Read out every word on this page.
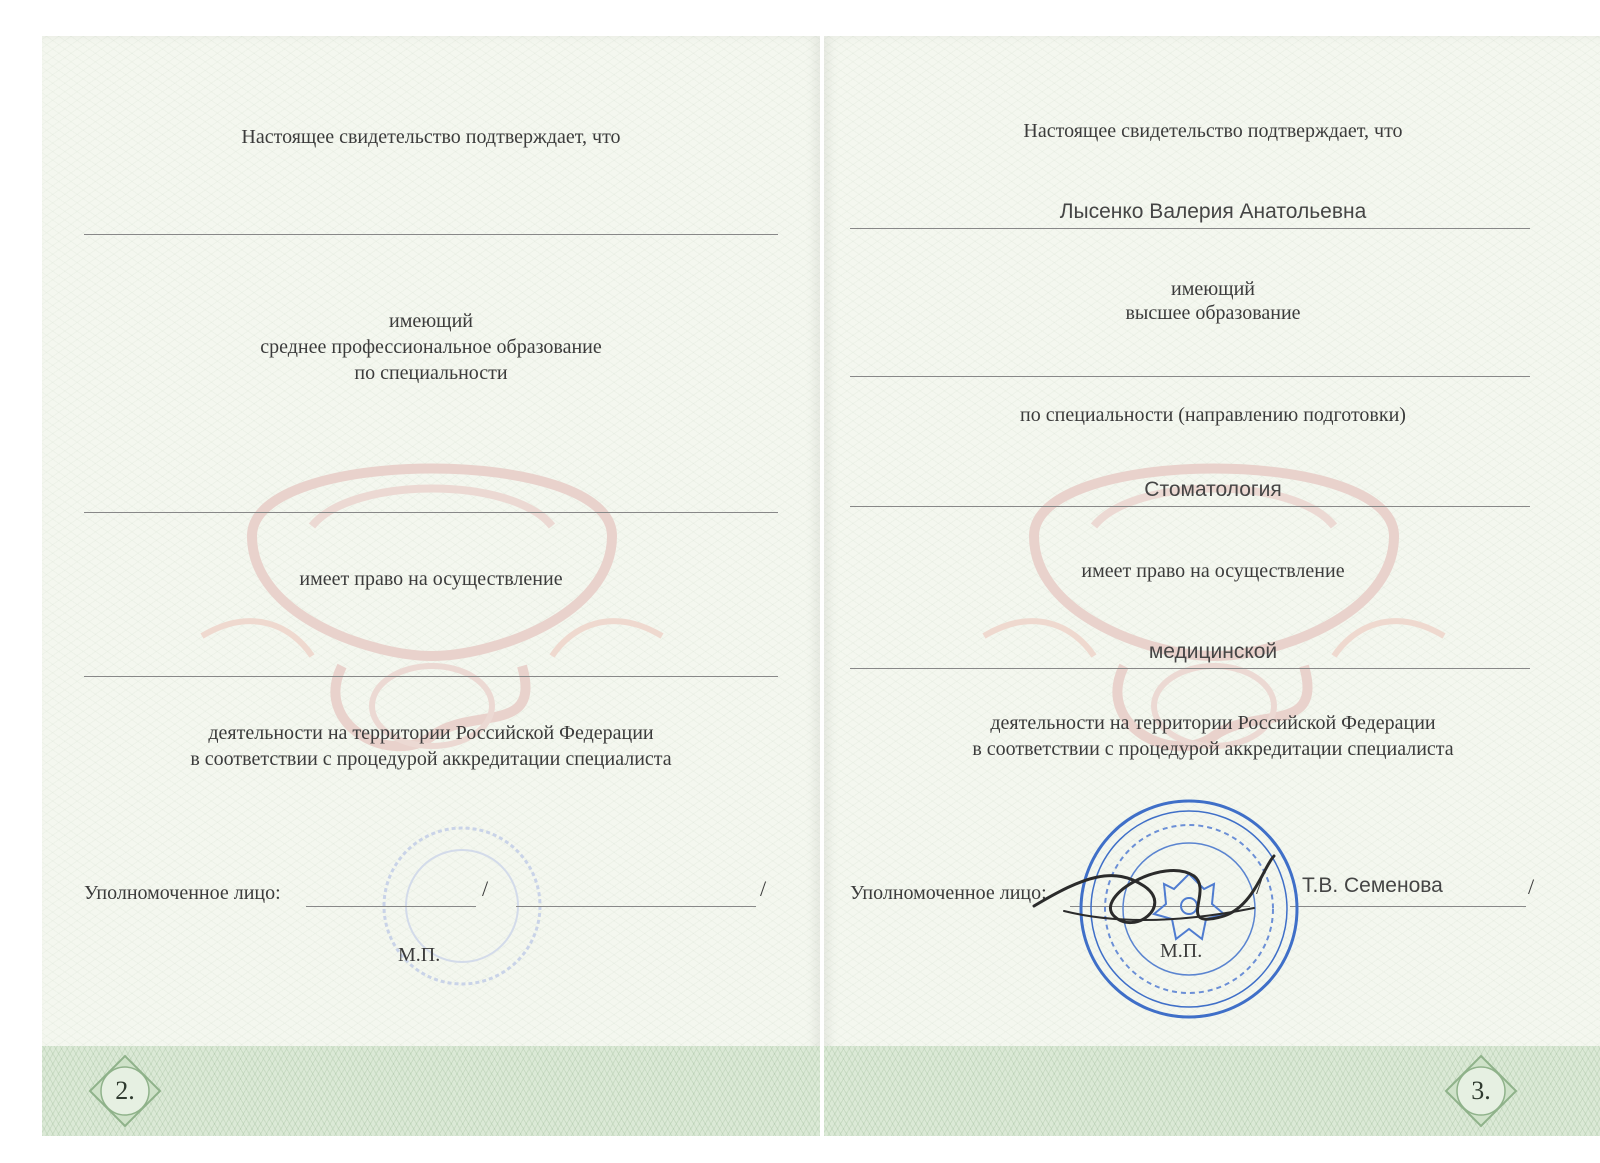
Настоящее свидетельство подтверждает, что
имеющий
среднее профессиональное образование
по специальности
имеет право на осуществление
деятельности на территории Российской Федерации
в соответствии с процедурой аккредитации специалиста
Уполномоченное лицо:	/	/
М.П.
2.
Настоящее свидетельство подтверждает, что
Лысенко Валерия Анатольевна
имеющий
высшее образование
по специальности (направлению подготовки)
Стоматология
имеет право на осуществление
медицинской
деятельности на территории Российской Федерации
в соответствии с процедурой аккредитации специалиста
Уполномоченное лицо:	/ Т.В. Семенова	/
М.П.
3.
